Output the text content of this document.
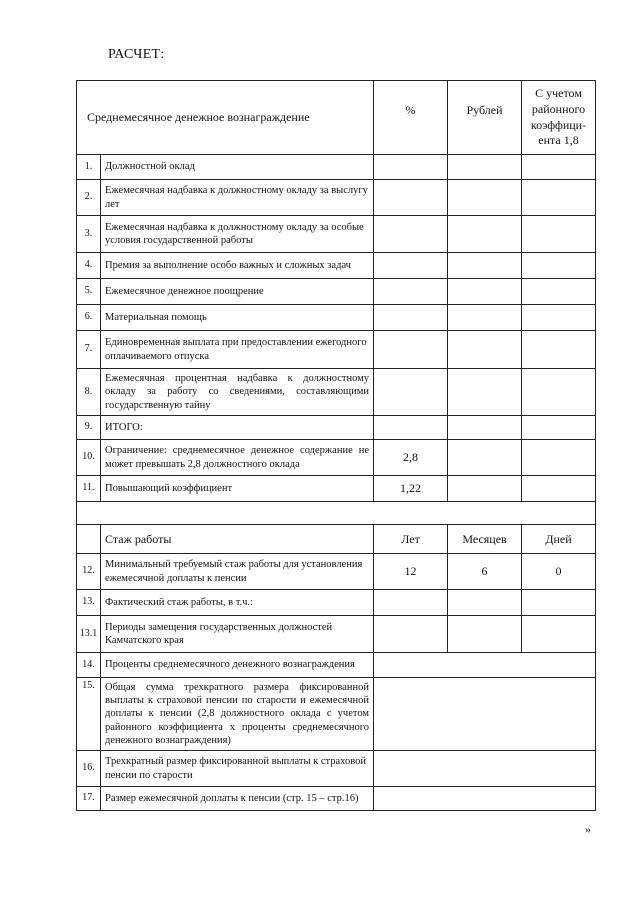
РАСЧЕТ:
Среднемесячное денежное вознаграждение		%	Рублей	С учетом
районного
коэффици-
ента 1,8

1.	Должностной оклад			
2.	Ежемесячная надбавка к должностному окладу за выслугу лет			
3.	Ежемесячная надбавка к должностному окладу за особые условия государственной работы			
4.	Премия за выполнение особо важных и сложных задач			
5.	Ежемесячное денежное поощрение			
6.	Материальная помощь			
7.	Единовременная выплата при предоставлении ежегодного оплачиваемого отпуска			
8.	Ежемесячная процентная надбавка к должностному окладу за работу со сведениями, составляющими государственную тайну			
9.	ИТОГО:			
10.	Ограничение: среднемесячное денежное содержание не может превышать 2,8 должностного оклада	2,8		
11.	Повышающий коэффициент	1,22		

	Стаж работы	Лет	Месяцев	Дней
12.	Минимальный требуемый стаж работы для установления ежемесячной доплаты к пенсии	12	6	0
13.	Фактический стаж работы, в т.ч.:			
13.1	Периоды замещения государственных должностей Камчатского края			
14.	Проценты среднемесячного денежного вознаграждения			
15.	Общая сумма трехкратного размера фиксированной выплаты к страховой пенсии по старости и ежемесячной доплаты к пенсии (2,8 должностного оклада с учетом районного коэффициента х проценты среднемесячного денежного вознаграждения)			
16.	Трехкратный размер фиксированной выплаты к страховой пенсии по старости			
17.	Размер ежемесячной доплаты к пенсии (стр. 15 – стр.16)			
»
